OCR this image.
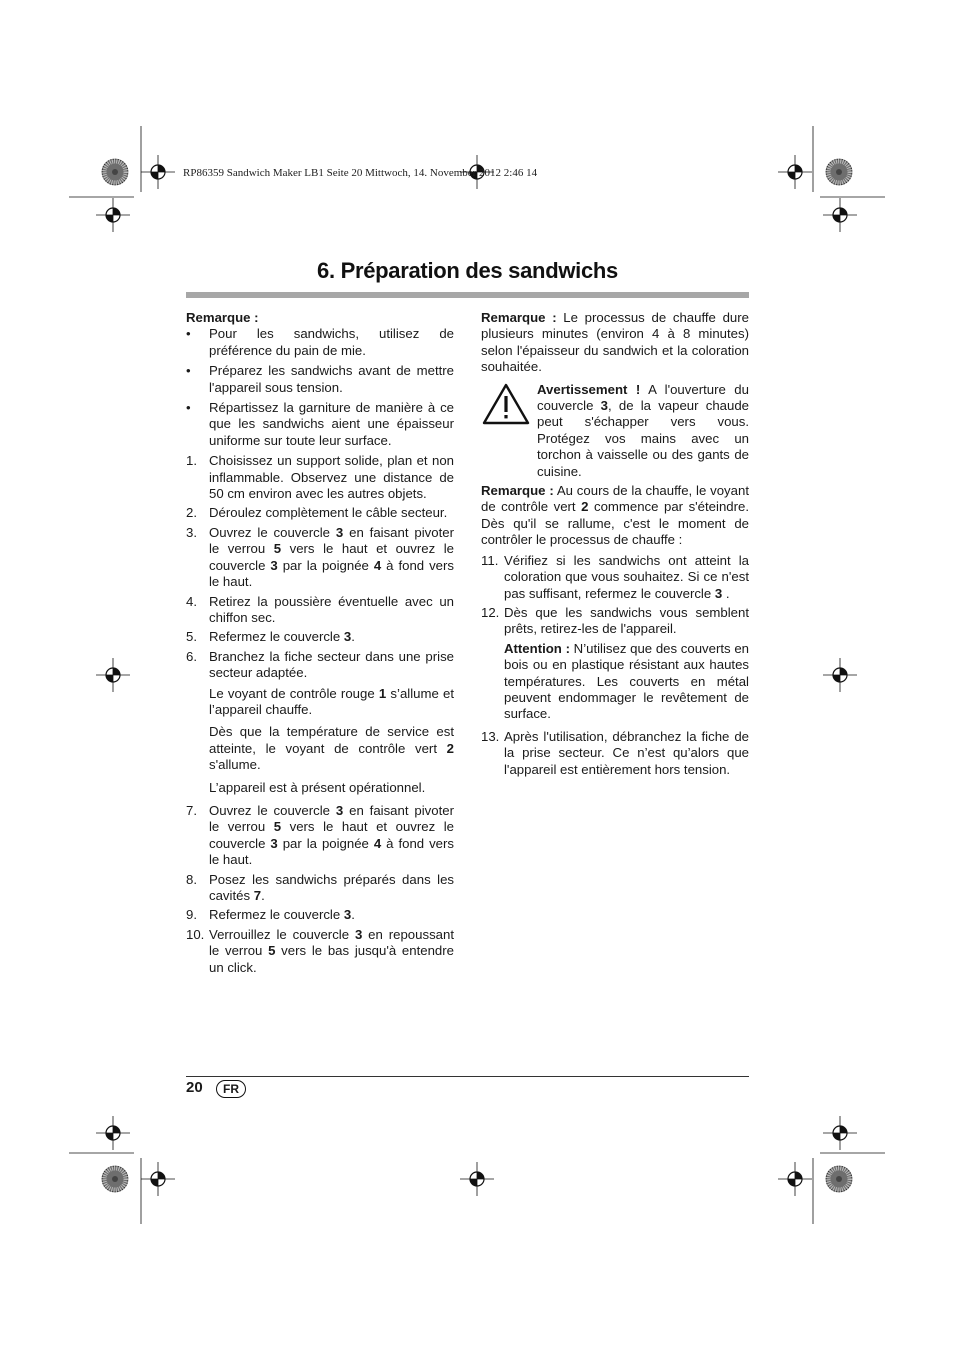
RP86359 Sandwich Maker LB1 Seite 20 Mittwoch, 14. November 2012 2:46 14
6. Préparation des sandwichs

Remarque :

•	Pour les sandwichs, utilisez de préférence du pain de mie.
•	Préparez les sandwichs avant de mettre l'appareil sous tension.
•	Répartissez la garniture de manière à ce que les sandwichs aient une épaisseur uniforme sur toute leur surface.
1. Choisissez un support solide, plan et non inflammable. Observez une distance de 50 cm environ avec les autres objets.
2. Déroulez complètement le câble secteur.
3. Ouvrez le couvercle 3 en faisant pivoter le verrou 5 vers le haut et ouvrez le couvercle 3 par la poignée 4 à fond vers le haut.
4. Retirez la poussière éventuelle avec un chiffon sec.
5. Refermez le couvercle 3.
6. Branchez la fiche secteur dans une prise secteur adaptée.
Le voyant de contrôle rouge 1 s’allume et l’appareil chauffe.
Dès que la température de service est atteinte, le voyant de contrôle vert 2 s'allume.
L’appareil est à présent opérationnel.
7. Ouvrez le couvercle 3 en faisant pivoter le verrou 5 vers le haut et ouvrez le couvercle 3 par la poignée 4 à fond vers le haut.
8. Posez les sandwichs préparés dans les cavités 7.
9. Refermez le couvercle 3.
10. Verrouillez le couvercle 3 en repoussant le verrou 5 vers le bas jusqu'à entendre un click.

Remarque : Le processus de chauffe dure plusieurs minutes (environ 4 à 8 minutes) selon l'épaisseur du sandwich et la coloration souhaitée.

Avertissement ! A l'ouverture du couvercle 3, de la vapeur chaude peut s'échapper vers vous. Protégez vos mains avec un torchon à vaisselle ou des gants de cuisine.

Remarque : Au cours de la chauffe, le voyant de contrôle vert 2 commence par s'éteindre. Dès qu'il se rallume, c'est le moment de contrôler le processus de chauffe :

11. Vérifiez si les sandwichs ont atteint la coloration que vous souhaitez. Si ce n'est pas suffisant, refermez le couvercle 3 .
12. Dès que les sandwichs vous semblent prêts, retirez-les de l'appareil.
Attention : N’utilisez que des couverts en bois ou en plastique résistant aux hautes températures. Les couverts en métal peuvent endommager le revêtement de surface.
13. Après l'utilisation, débranchez la fiche de la prise secteur. Ce n’est qu’alors que l'appareil est entièrement hors tension.
20	FR
